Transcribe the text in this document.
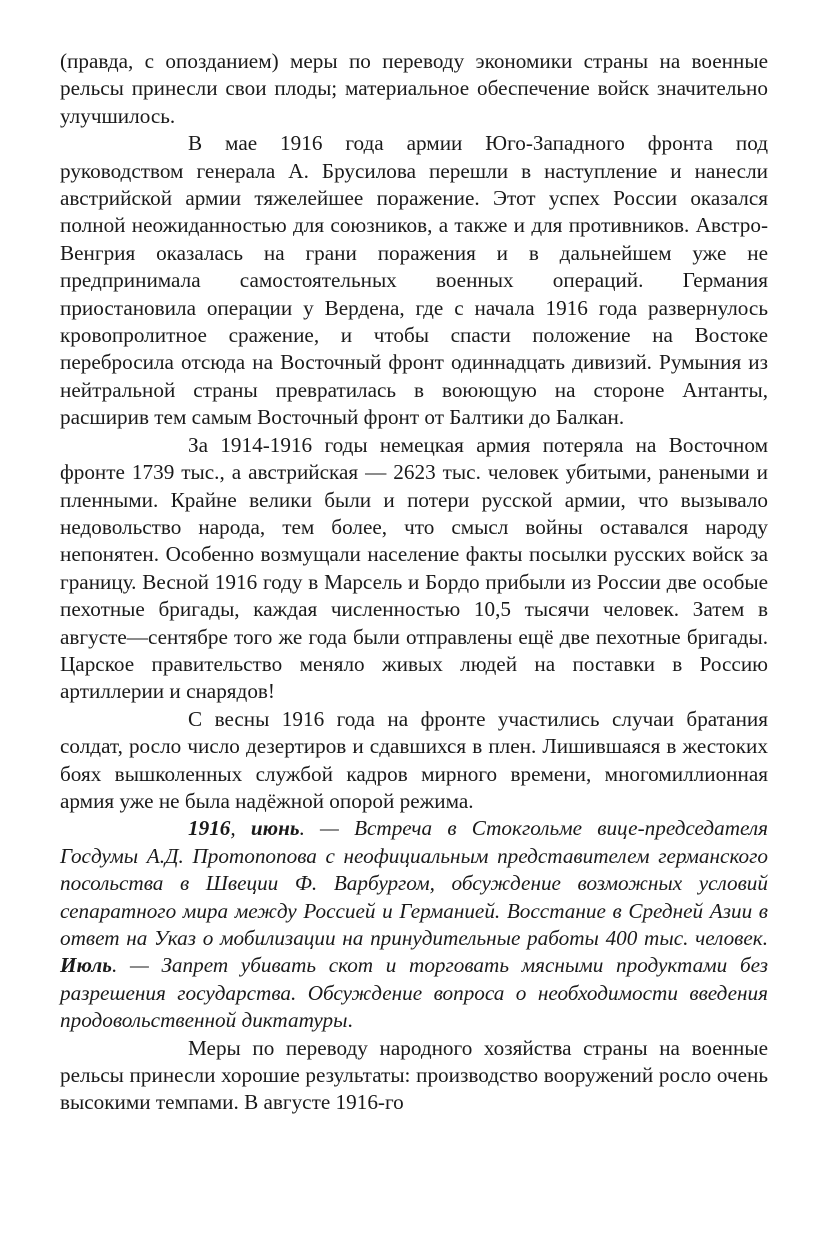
(правда, с опозданием) меры по переводу экономики страны на военные рельсы принесли свои плоды; материальное обеспечение войск значительно улучшилось.

В мае 1916 года армии Юго-Западного фронта под руководством генерала А. Брусилова перешли в наступление и нанесли австрийской армии тяжелейшее поражение. Этот успех России оказался полной неожиданностью для союзников, а также и для противников. Австро-Венгрия оказалась на грани поражения и в дальнейшем уже не предпринимала самостоятельных военных операций. Германия приостановила операции у Вердена, где с начала 1916 года развернулось кровопролитное сражение, и чтобы спасти положение на Востоке перебросила отсюда на Восточный фронт одиннадцать дивизий. Румыния из нейтральной страны превратилась в воюющую на стороне Антанты, расширив тем самым Восточный фронт от Балтики до Балкан.

За 1914-1916 годы немецкая армия потеряла на Восточном фронте 1739 тыс., а австрийская — 2623 тыс. человек убитыми, ранеными и пленными. Крайне велики были и потери русской армии, что вызывало недовольство народа, тем более, что смысл войны оставался народу непонятен. Особенно возмущали население факты посылки русских войск за границу. Весной 1916 году в Марсель и Бордо прибыли из России две особые пехотные бригады, каждая численностью 10,5 тысячи человек. Затем в августе—сентябре того же года были отправлены ещё две пехотные бригады. Царское правительство меняло живых людей на поставки в Россию артиллерии и снарядов!

С весны 1916 года на фронте участились случаи братания солдат, росло число дезертиров и сдавшихся в плен. Лишившаяся в жестоких боях вышколенных службой кадров мирного времени, многомиллионная армия уже не была надёжной опорой режима.

1916, июнь. — Встреча в Стокгольме вице-председателя Госдумы А.Д. Протопопова с неофициальным представителем германского посольства в Швеции Ф. Варбургом, обсуждение возможных условий сепаратного мира между Россией и Германией. Восстание в Средней Азии в ответ на Указ о мобилизации на принудительные работы 400 тыс. человек. Июль. — Запрет убивать скот и торговать мясными продуктами без разрешения государства. Обсуждение вопроса о необходимости введения продовольственной диктатуры.

Меры по переводу народного хозяйства страны на военные рельсы принесли хорошие результаты: производство вооружений росло очень высокими темпами. В августе 1916-го
